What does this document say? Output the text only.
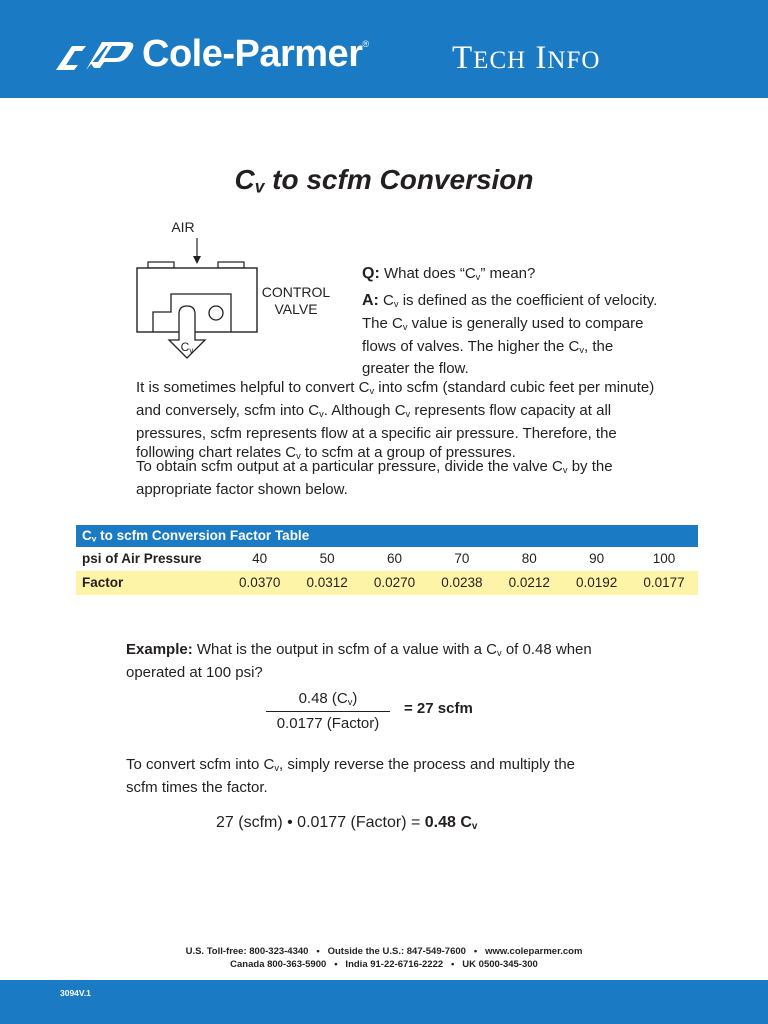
Cole-Parmer®	TECH INFO
$C_v$ to scfm Conversion
AIR
Cv
CONTROL
VALVE
Q: What does “Cv” mean?
A: Cv is defined as the coefficient of velocity. The Cv value is generally used to compare flows of valves. The higher the Cv, the greater the flow.
It is sometimes helpful to convert Cv into scfm (standard cubic feet per minute) and conversely, scfm into Cv. Although Cv represents flow capacity at all pressures, scfm represents flow at a specific air pressure. Therefore, the following chart relates Cv to scfm at a group of pressures.
To obtain scfm output at a particular pressure, divide the valve Cv by the appropriate factor shown below.
$C_v$ to scfm Conversion Factor Table
psi of Air Pressure	40	50	60	70	80	90	100
Factor	0.0370	0.0312	0.0270	0.0238	0.0212	0.0192	0.0177
Example: What is the output in scfm of a value with a Cv of 0.48 when operated at 100 psi?
0.48 (Cv)
0.0177 (Factor)
= 27 scfm
To convert scfm into Cv, simply reverse the process and multiply the scfm times the factor.
27 (scfm) • 0.0177 (Factor) = 0.48 $C_v$
U.S. Toll-free: 800-323-4340   •   Outside the U.S.: 847-549-7600   •   www.coleparmer.com
Canada 800-363-5900   •   India 91-22-6716-2222   •   UK 0500-345-300
3094V.1
